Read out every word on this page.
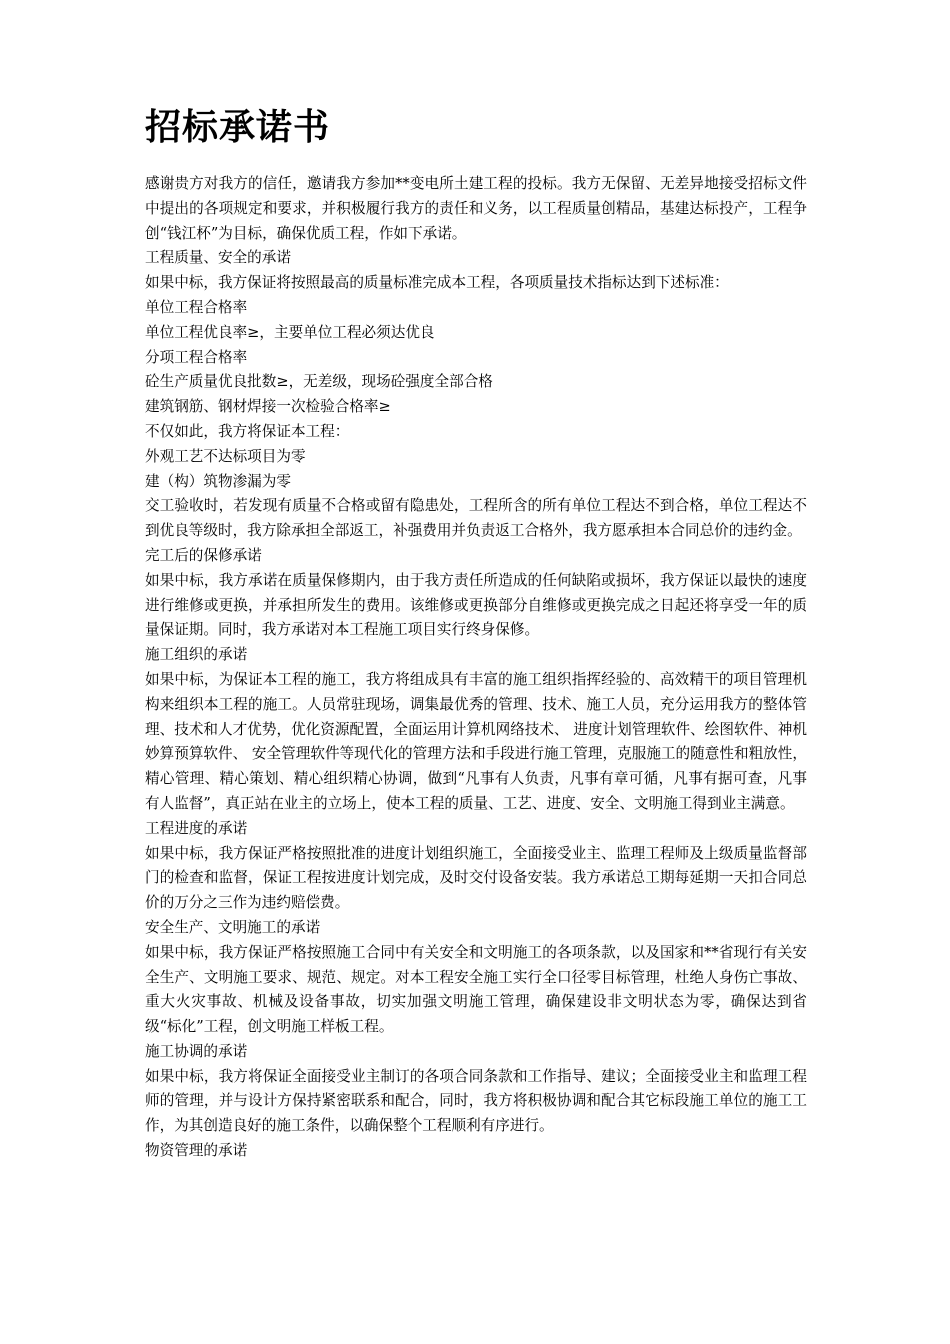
招标承诺书

感谢贵方对我方的信任，邀请我方参加**变电所土建工程的投标。我方无保留、无差异地接受招标文件中提出的各项规定和要求，并积极履行我方的责任和义务，以工程质量创精品，基建达标投产，工程争创“钱江杯”为目标，确保优质工程，作如下承诺。

工程质量、安全的承诺

如果中标，我方保证将按照最高的质量标准完成本工程，各项质量技术指标达到下述标准：

单位工程合格率

单位工程优良率≥，主要单位工程必须达优良

分项工程合格率

砼生产质量优良批数≥，无差级，现场砼强度全部合格

建筑钢筋、钢材焊接一次检验合格率≥

不仅如此，我方将保证本工程：

外观工艺不达标项目为零

建（构）筑物渗漏为零

交工验收时，若发现有质量不合格或留有隐患处，工程所含的所有单位工程达不到合格，单位工程达不到优良等级时，我方除承担全部返工，补强费用并负责返工合格外，我方愿承担本合同总价的违约金。

完工后的保修承诺

如果中标，我方承诺在质量保修期内，由于我方责任所造成的任何缺陷或损坏，我方保证以最快的速度进行维修或更换，并承担所发生的费用。该维修或更换部分自维修或更换完成之日起还将享受一年的质量保证期。同时，我方承诺对本工程施工项目实行终身保修。

施工组织的承诺

如果中标，为保证本工程的施工，我方将组成具有丰富的施工组织指挥经验的、高效精干的项目管理机构来组织本工程的施工。人员常驻现场，调集最优秀的管理、技术、施工人员，充分运用我方的整体管理、技术和人才优势，优化资源配置，全面运用计算机网络技术、 进度计划管理软件、绘图软件、神机妙算预算软件、 安全管理软件等现代化的管理方法和手段进行施工管理，克服施工的随意性和粗放性，精心管理、精心策划、精心组织精心协调，做到“凡事有人负责，凡事有章可循，凡事有据可查，凡事有人监督”，真正站在业主的立场上，使本工程的质量、工艺、进度、安全、文明施工得到业主满意。

工程进度的承诺

如果中标，我方保证严格按照批准的进度计划组织施工，全面接受业主、监理工程师及上级质量监督部门的检查和监督，保证工程按进度计划完成，及时交付设备安装。我方承诺总工期每延期一天扣合同总价的万分之三作为违约赔偿费。

安全生产、文明施工的承诺

如果中标，我方保证严格按照施工合同中有关安全和文明施工的各项条款，以及国家和**省现行有关安全生产、文明施工要求、规范、规定。对本工程安全施工实行全口径零目标管理，杜绝人身伤亡事故、重大火灾事故、机械及设备事故，切实加强文明施工管理，确保建设非文明状态为零，确保达到省级“标化”工程，创文明施工样板工程。

施工协调的承诺

如果中标，我方将保证全面接受业主制订的各项合同条款和工作指导、建议；全面接受业主和监理工程师的管理，并与设计方保持紧密联系和配合，同时，我方将积极协调和配合其它标段施工单位的施工工作，为其创造良好的施工条件，以确保整个工程顺利有序进行。

物资管理的承诺
